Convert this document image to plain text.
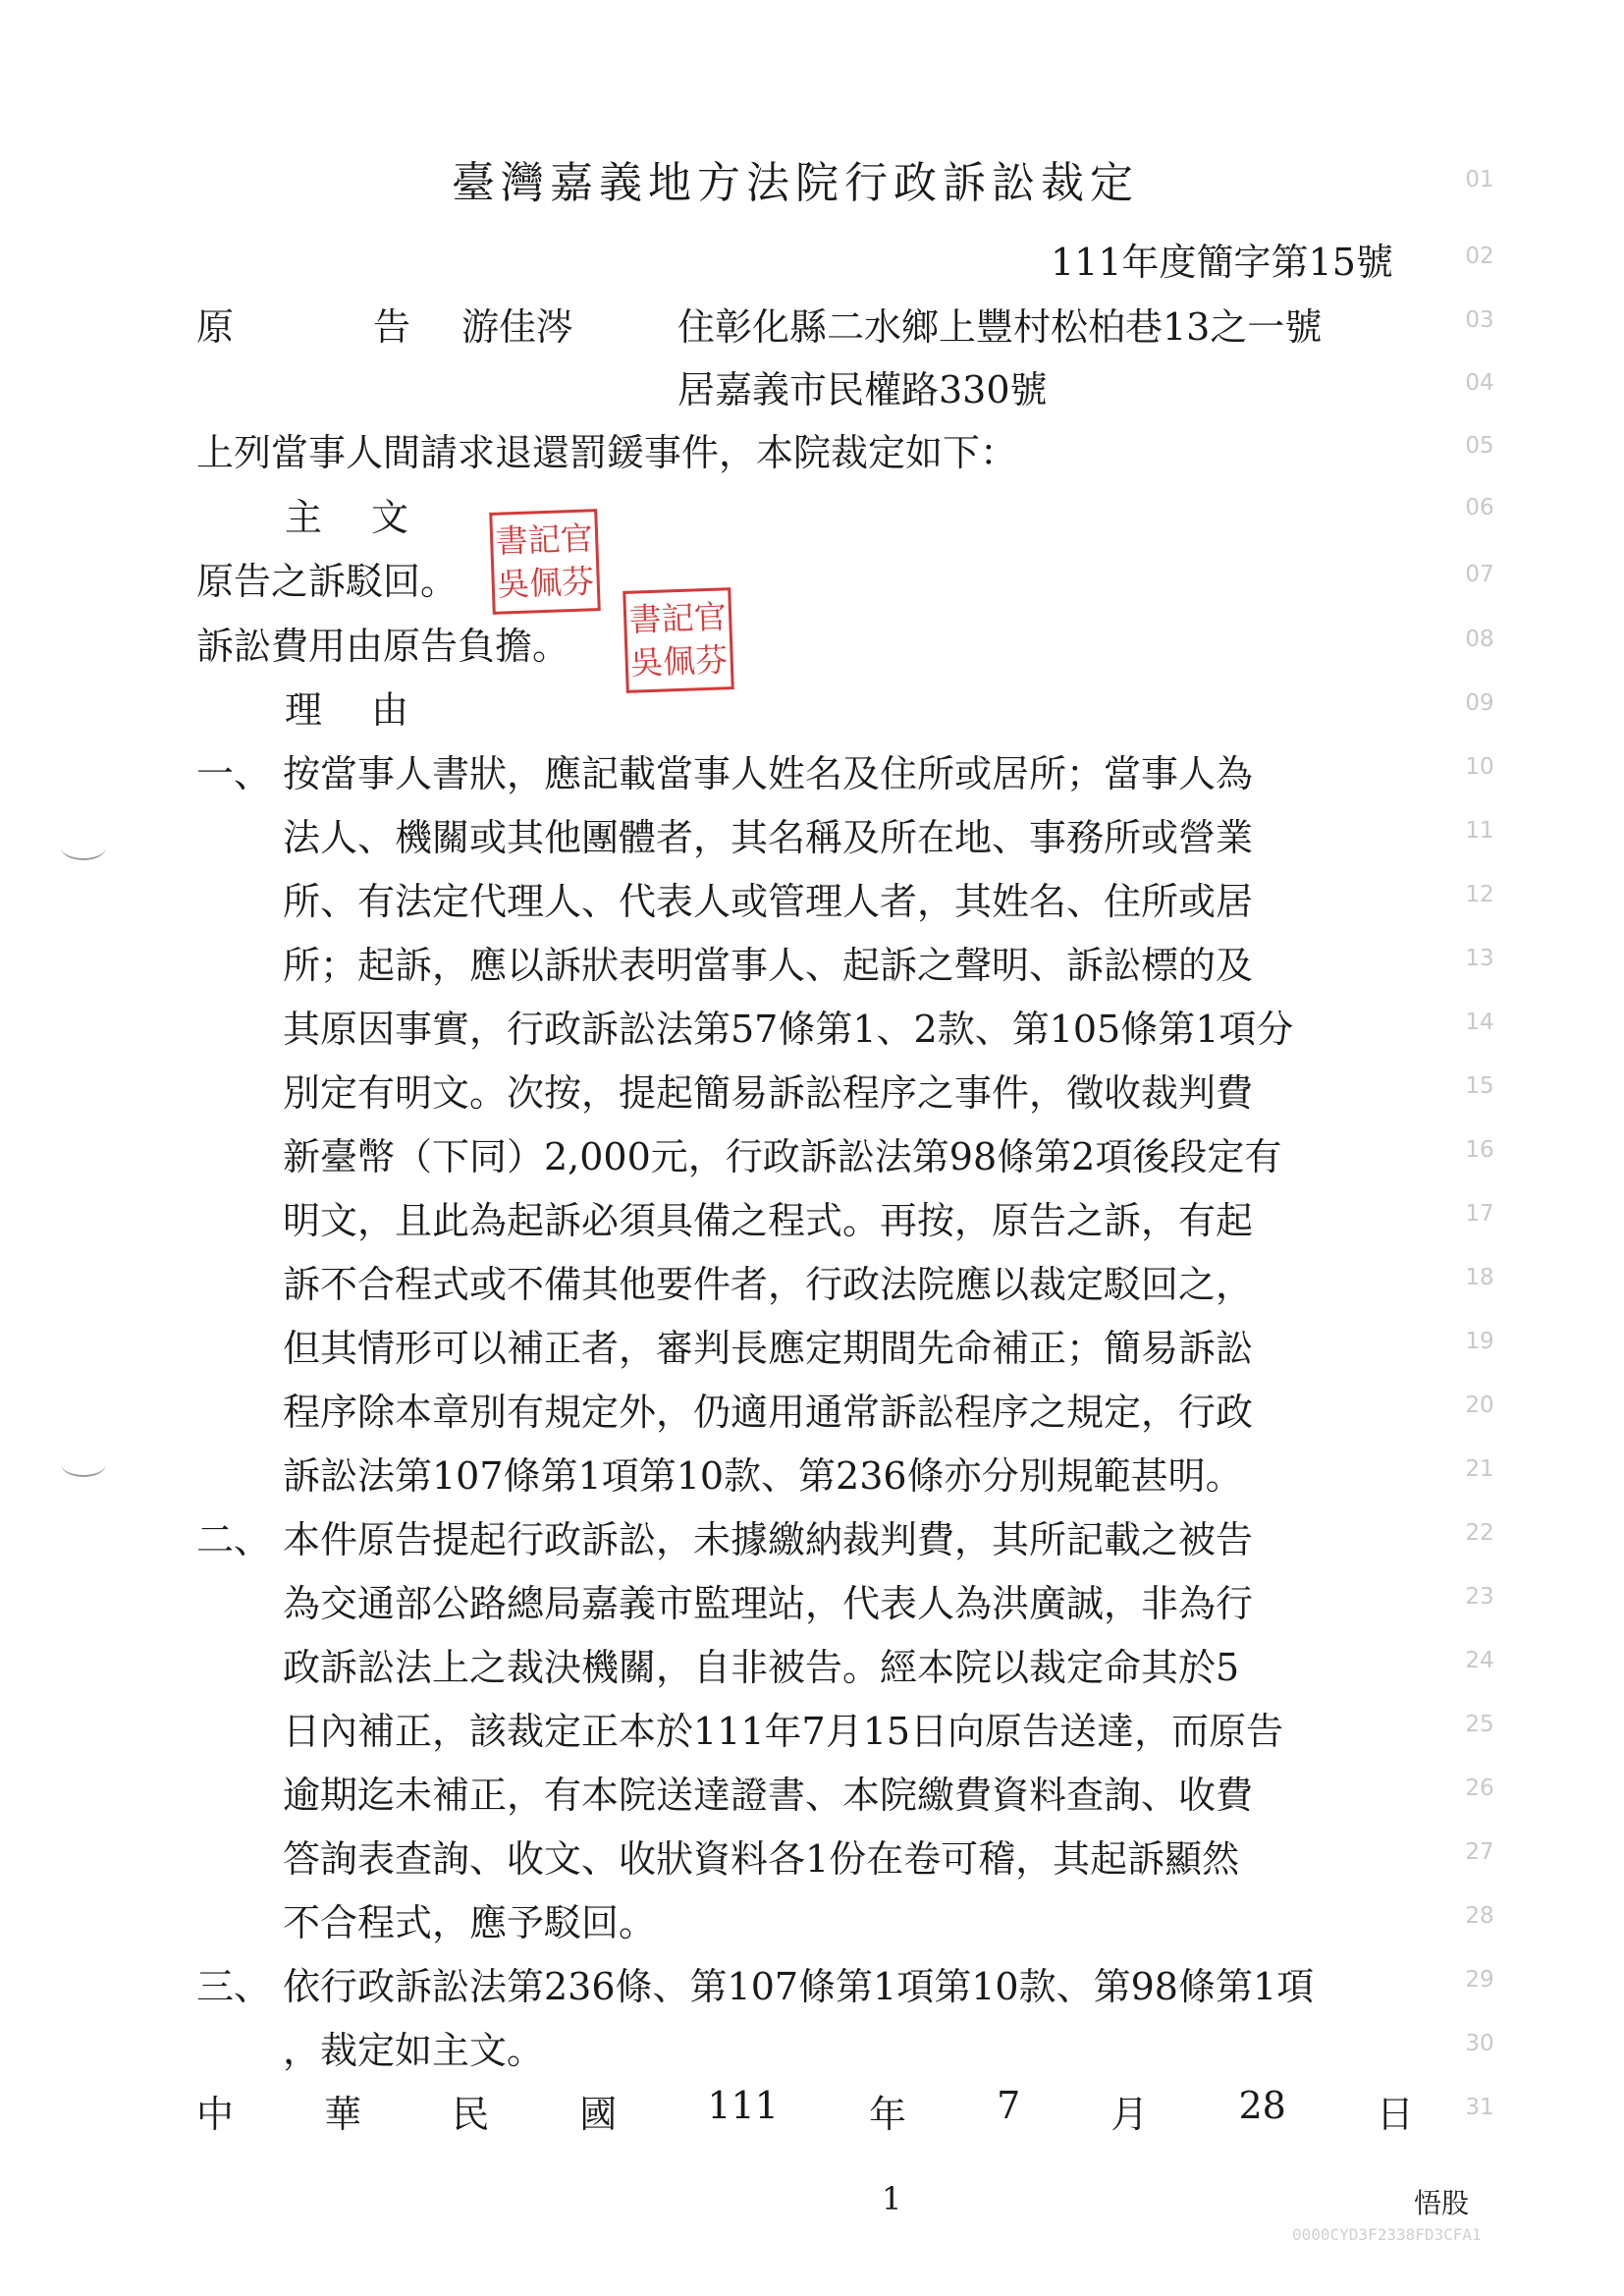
臺灣嘉義地方法院行政訴訟裁定
111年度簡字第15號
原	告 游佳涔	住彰化縣二水鄉上豐村松柏巷13之一號
居嘉義市民權路330號
上列當事人間請求退還罰鍰事件，本院裁定如下：
主 文
原告之訴駁回。
訴訟費用由原告負擔。
書記官
吳佩芬
書記官
吳佩芬
理 由
一、 按當事人書狀，應記載當事人姓名及住所或居所；當事人為
法人、機關或其他團體者，其名稱及所在地、事務所或營業
所、有法定代理人、代表人或管理人者，其姓名、住所或居
所；起訴，應以訴狀表明當事人、起訴之聲明、訴訟標的及
其原因事實，行政訴訟法第57條第1、2款、第105條第1項分
別定有明文。次按，提起簡易訴訟程序之事件，徵收裁判費
新臺幣（下同）2,000元，行政訴訟法第98條第2項後段定有
明文，且此為起訴必須具備之程式。再按，原告之訴，有起
訴不合程式或不備其他要件者，行政法院應以裁定駁回之，
但其情形可以補正者，審判長應定期間先命補正；簡易訴訟
程序除本章別有規定外，仍適用通常訴訟程序之規定，行政
訴訟法第107條第1項第10款、第236條亦分別規範甚明。
二、 本件原告提起行政訴訟，未據繳納裁判費，其所記載之被告
為交通部公路總局嘉義市監理站，代表人為洪廣誠，非為行
政訴訟法上之裁決機關，自非被告。經本院以裁定命其於5
日內補正，該裁定正本於111年7月15日向原告送達，而原告
逾期迄未補正，有本院送達證書、本院繳費資料查詢、收費
答詢表查詢、收文、收狀資料各1份在卷可稽，其起訴顯然
不合程式，應予駁回。
三、 依行政訴訟法第236條、第107條第1項第10款、第98條第1項
，裁定如主文。
中 華 民 國 111 年 7 月 28 日
01
02
03
04
05
06
07
08
09
10
11
12
13
14
15
16
17
18
19
20
21
22
23
24
25
26
27
28
29
30
31
1	悟股
0000CYD3F2338FD3CFA1
